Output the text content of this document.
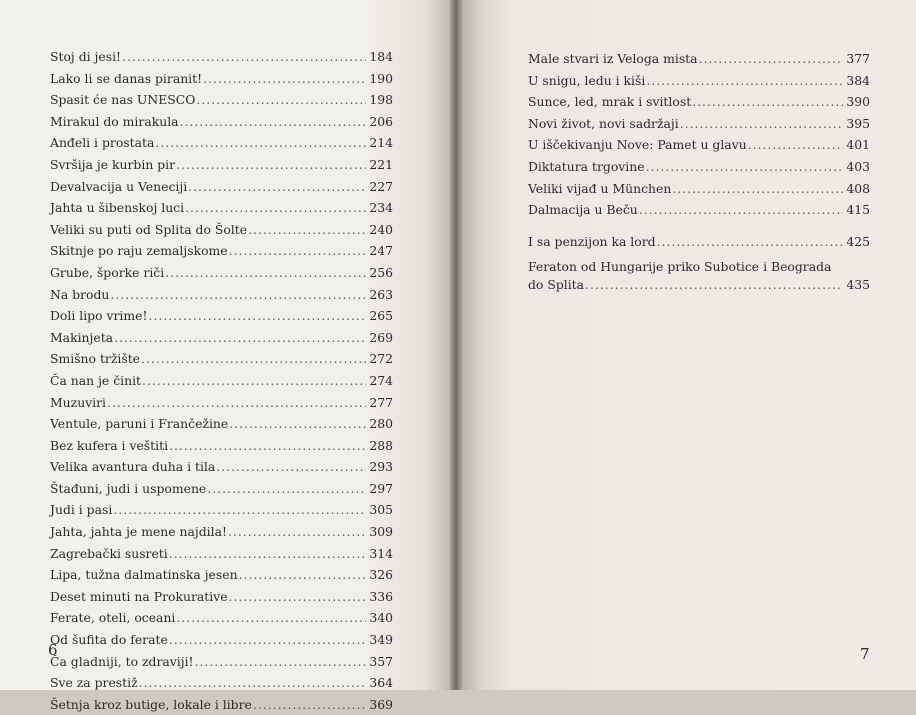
Stoj di jesi! .....	184
Lako li se danas piranit! .....	190
Spasit će nas UNESCO .....	198
Mirakul do mirakula .....	206
Anđeli i prostata .....	214
Svršija je kurbin pir .....	221
Devalvacija u Veneciji .....	227
Jahta u šibenskoj luci .....	234
Veliki su puti od Splita do Šolte .....	240
Skitnje po raju zemaljskome .....	247
Grube, šporke riči .....	256
Na brodu .....	263
Doli lipo vrime! .....	265
Makinjeta .....	269
Smišno tržište .....	272
Ča nan je činit .....	274
Muzuviri .....	277
Ventule, paruni i Frančežine .....	280
Bez kufera i veštiti .....	288
Velika avantura duha i tila .....	293
Štađuni, judi i uspomene .....	297
Judi i pasi .....	305
Jahta, jahta je mene najdila! .....	309
Zagrebački susreti .....	314
Lipa, tužna dalmatinska jesen .....	326
Deset minuti na Prokurative .....	336
Ferate, oteli, oceani .....	340
Od šufita do ferate .....	349
Ča gladniji, to zdraviji! .....	357
Sve za prestiž .....	364
Šetnja kroz butige, lokale i libre .....	369
6
Male stvari iz Veloga mista .....	377
U snigu, ledu i kiši .....	384
Sunce, led, mrak i svitlost .....	390
Novi život, novi sadržaji .....	395
U iščekivanju Nove: Pamet u glavu .....	401
Diktatura trgovine .....	403
Veliki vijađ u München .....	408
Dalmacija u Beču .....	415
I sa penzijon ka lord .....	425
Feraton od Hungarije priko Subotice i Beograda
do Splita .....	435
7
